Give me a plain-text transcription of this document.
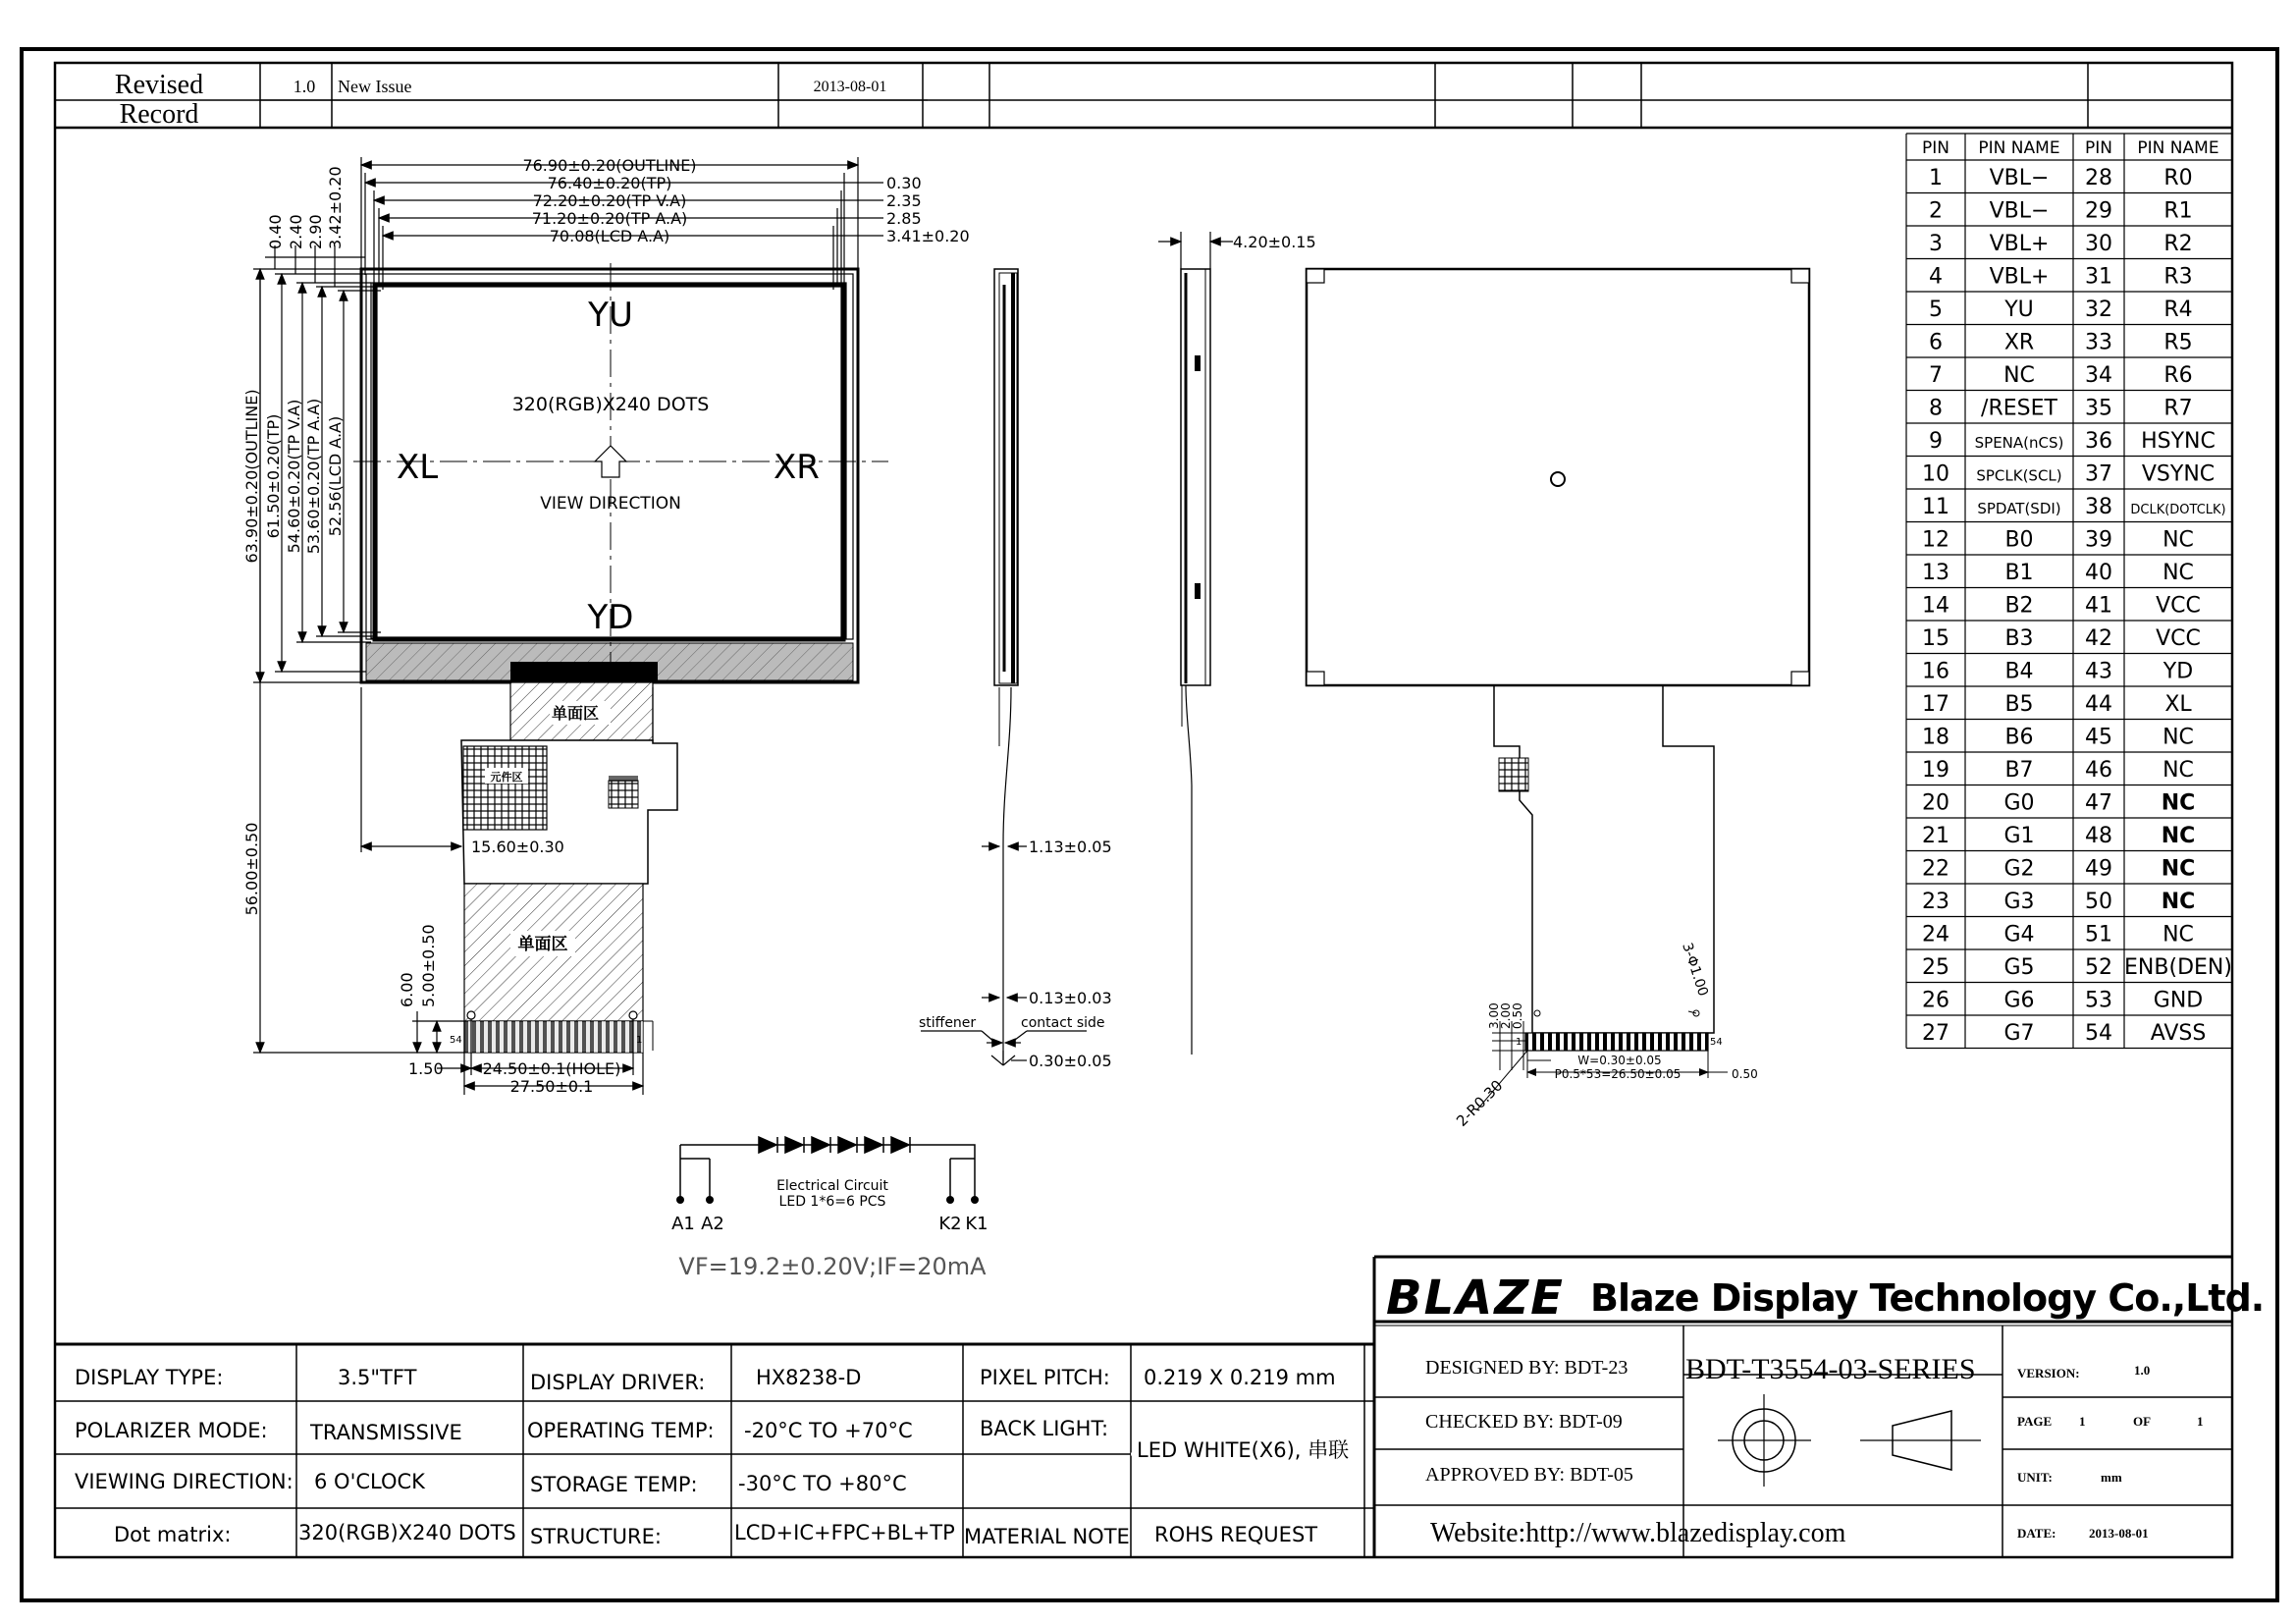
Revised
Record
1.0 New Issue	2013-08-01
76.90±0.20(OUTLINE)
76.40±0.20(TP)
72.20±0.20(TP V.A)
71.20±0.20(TP A.A)
70.08(LCD A.A)
0.30
2.35
2.85
3.41±0.20
0.40 2.40 2.90 3.42±0.20
63.90±0.20(OUTLINE) 61.50±0.20(TP) 54.60±0.20(TP V.A) 53.60±0.20(TP A.A) 52.56(LCD A.A)
56.00±0.50	15.60±0.30
6.00 5.00±0.50
1.50 24.50±0.1(HOLE)
27.50±0.1
54	1
YU
YD
XL	XR
320(RGB)X240 DOTS
VIEW DIRECTION
单面区
元件区
单面区
1.13±0.05
0.13±0.03
0.30±0.05
stiffener	contact side
4.20±0.15
3.00
2.00
0.50
2-R0.30
3-Φ1.00
W=0.30±0.05
P0.5*53=26.50±0.05	0.50
54
1
Electrical Circuit
LED 1*6=6 PCS
A1 A2	K2 K1
VF=19.2±0.20V;IF=20mA
PIN PIN NAME PIN PIN NAME
1 VBL− 28 R0
2 VBL− 29 R1
3 VBL+ 30 R2
4 VBL+ 31 R3
5	YU 32 R4
6	XR 33 R5
7	NC 34 R6
8 /RESET 35 R7
9 SPENA(nCS) 36 HSYNC
10 SPCLK(SCL) 37 VSYNC
11 SPDAT(SDI) 38 DCLK(DOTCLK)
12	B0 39 NC
13	B1 40 NC
14	B2 41 VCC
15	B3 42 VCC
16	B4 43 YD
17	B5 44 XL
18	B6 45 NC
19	B7 46 NC
20	G0 47 NC
21	G1 48 NC
22	G2 49 NC
23	G3 50 NC
24	G4 51 NC
25	G5 52 ENB(DEN)
26	G6 53 GND
27	G7 54 AVSS
DISPLAY TYPE:	3.5"TFT	DISPLAY DRIVER: HX8238-D	PIXEL PITCH: 0.219 X 0.219 mm
POLARIZER MODE: TRANSMISSIVE	OPERATING TEMP: -20°C TO +70°C	BACK LIGHT:
LED WHITE(X6), 串联
VIEWING DIRECTION: 6 O'CLOCK	STORAGE TEMP: -30°C TO +80°C
Dot matrix:	320(RGB)X240 DOTS STRUCTURE:	LCD+IC+FPC+BL+TP MATERIAL NOTE ROHS REQUEST
BLAZE Blaze Display Technology Co.,Ltd.
DESIGNED BY: BDT-23
CHECKED BY: BDT-09
APPROVED BY: BDT-05
BDT-T3554-03-SERIES
Website:http://www.blazedisplay.com
VERSION:	1.0
PAGE 1	OF	1
UNIT:	mm
DATE:	2013-08-01
